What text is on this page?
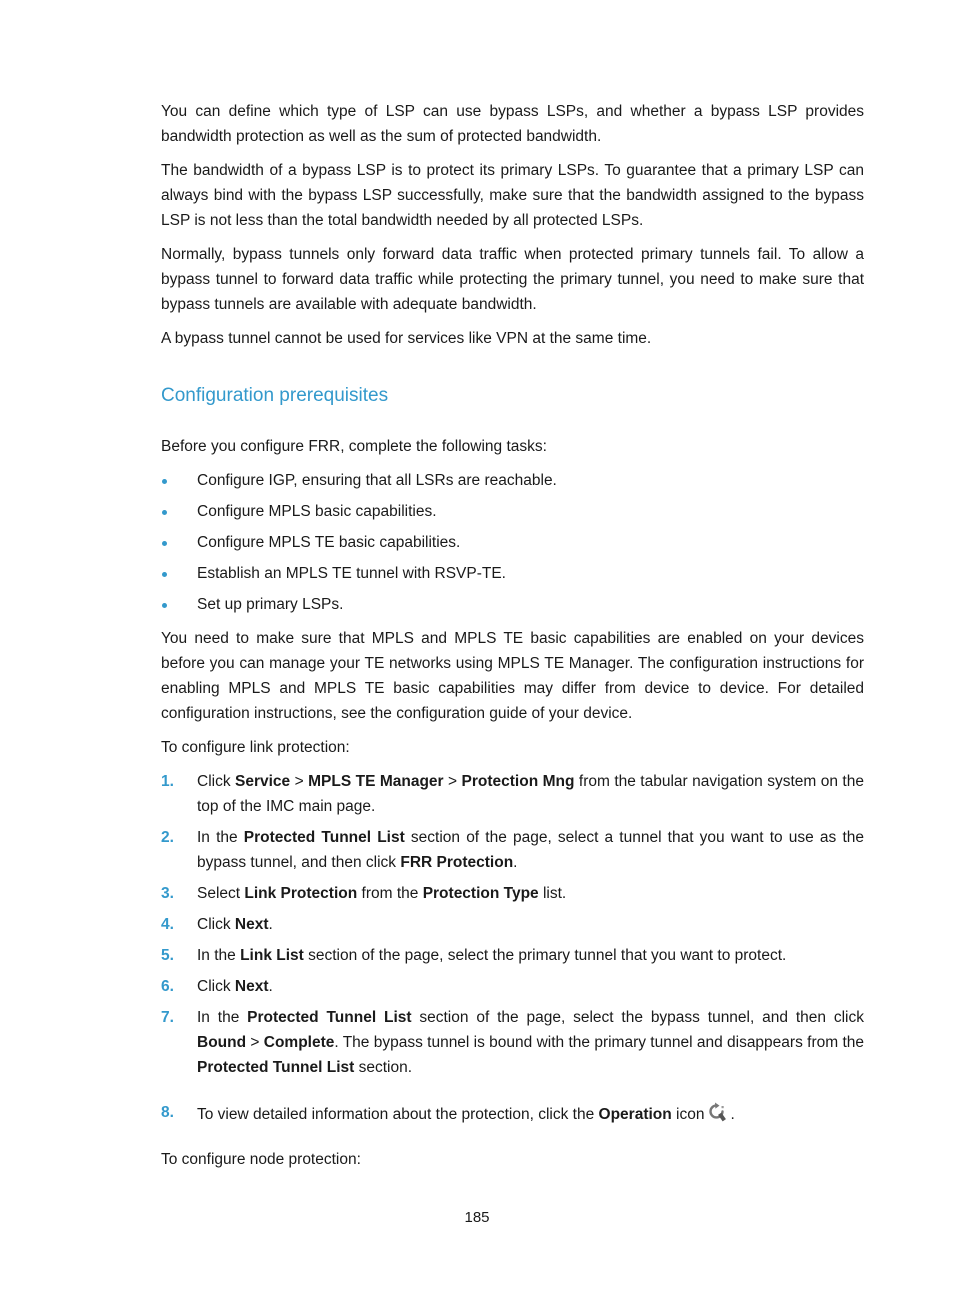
You can define which type of LSP can use bypass LSPs, and whether a bypass LSP provides bandwidth protection as well as the sum of protected bandwidth.

The bandwidth of a bypass LSP is to protect its primary LSPs. To guarantee that a primary LSP can always bind with the bypass LSP successfully, make sure that the bandwidth assigned to the bypass LSP is not less than the total bandwidth needed by all protected LSPs.

Normally, bypass tunnels only forward data traffic when protected primary tunnels fail. To allow a bypass tunnel to forward data traffic while protecting the primary tunnel, you need to make sure that bypass tunnels are available with adequate bandwidth.

A bypass tunnel cannot be used for services like VPN at the same time.

Configuration prerequisites

Before you configure FRR, complete the following tasks:

Configure IGP, ensuring that all LSRs are reachable.
Configure MPLS basic capabilities.
Configure MPLS TE basic capabilities.
Establish an MPLS TE tunnel with RSVP-TE.
Set up primary LSPs.

You need to make sure that MPLS and MPLS TE basic capabilities are enabled on your devices before you can manage your TE networks using MPLS TE Manager. The configuration instructions for enabling MPLS and MPLS TE basic capabilities may differ from device to device. For detailed configuration instructions, see the configuration guide of your device.

To configure link protection:

1. Click Service > MPLS TE Manager > Protection Mng from the tabular navigation system on the top of the IMC main page.
2. In the Protected Tunnel List section of the page, select a tunnel that you want to use as the bypass tunnel, and then click FRR Protection.
3. Select Link Protection from the Protection Type list.
4. Click Next.
5. In the Link List section of the page, select the primary tunnel that you want to protect.
6. Click Next.
7. In the Protected Tunnel List section of the page, select the bypass tunnel, and then click Bound > Complete. The bypass tunnel is bound with the primary tunnel and disappears from the Protected Tunnel List section.
8. To view detailed information about the protection, click the Operation icon .

To configure node protection:

185
